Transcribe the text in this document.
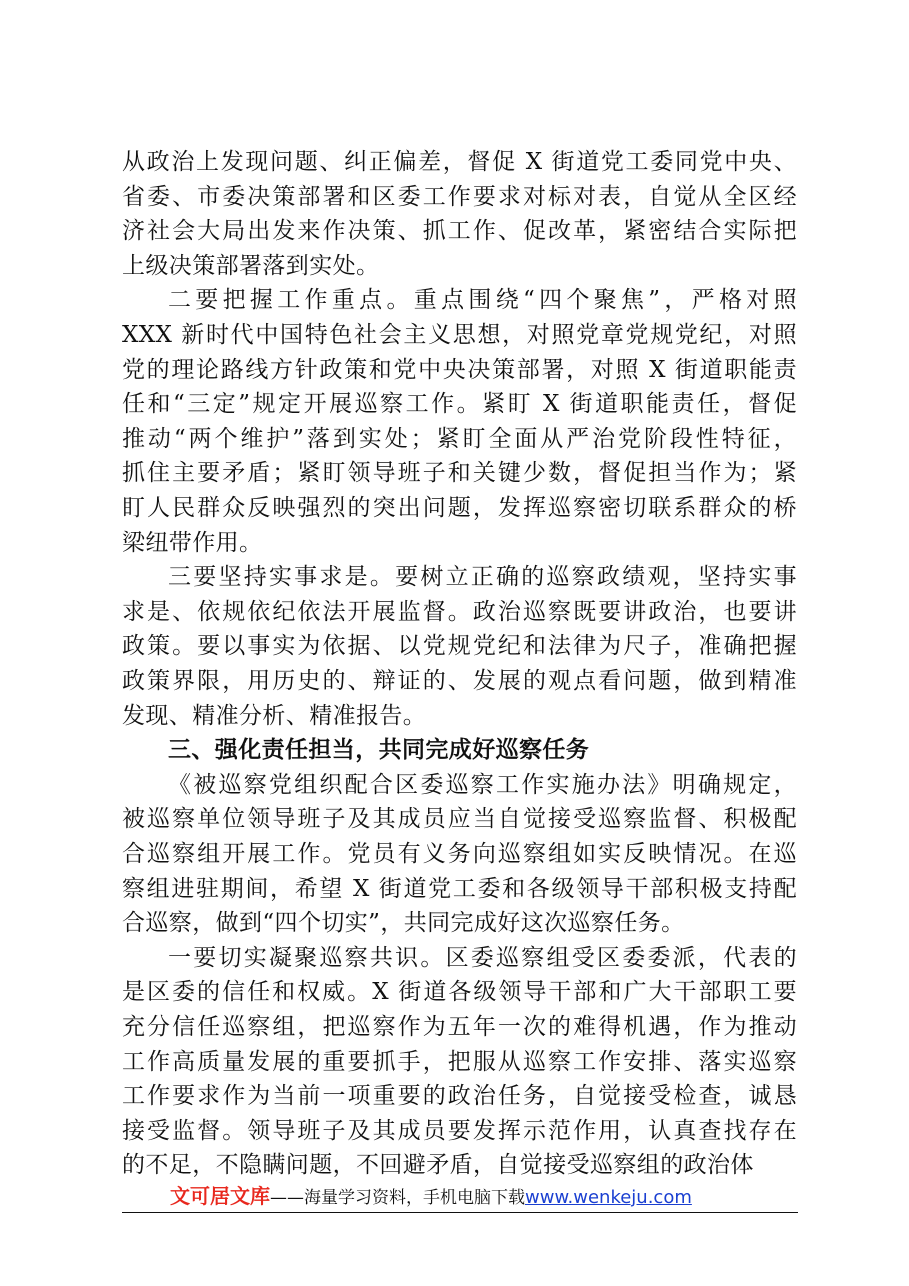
文可居文库——海量学习资料，手机电脑下载www.wenkeju.com
从政治上发现问题、纠正偏差，督促 X 街道党工委同党中央、
省委、市委决策部署和区委工作要求对标对表，自觉从全区经
济社会大局出发来作决策、抓工作、促改革，紧密结合实际把
上级决策部署落到实处。
二要把握工作重点。重点围绕“四个聚焦”，严格对照
XXX 新时代中国特色社会主义思想，对照党章党规党纪，对照
党的理论路线方针政策和党中央决策部署，对照 X 街道职能责
任和“三定”规定开展巡察工作。紧盯 X 街道职能责任，督促
推动“两个维护”落到实处；紧盯全面从严治党阶段性特征，
抓住主要矛盾；紧盯领导班子和关键少数，督促担当作为；紧
盯人民群众反映强烈的突出问题，发挥巡察密切联系群众的桥
梁纽带作用。
三要坚持实事求是。要树立正确的巡察政绩观，坚持实事
求是、依规依纪依法开展监督。政治巡察既要讲政治，也要讲
政策。要以事实为依据、以党规党纪和法律为尺子，准确把握
政策界限，用历史的、辩证的、发展的观点看问题，做到精准
发现、精准分析、精准报告。
三、强化责任担当，共同完成好巡察任务
《被巡察党组织配合区委巡察工作实施办法》明确规定，
被巡察单位领导班子及其成员应当自觉接受巡察监督、积极配
合巡察组开展工作。党员有义务向巡察组如实反映情况。在巡
察组进驻期间，希望 X 街道党工委和各级领导干部积极支持配
合巡察，做到“四个切实”，共同完成好这次巡察任务。
一要切实凝聚巡察共识。区委巡察组受区委委派，代表的
是区委的信任和权威。X 街道各级领导干部和广大干部职工要
充分信任巡察组，把巡察作为五年一次的难得机遇，作为推动
工作高质量发展的重要抓手，把服从巡察工作安排、落实巡察
工作要求作为当前一项重要的政治任务，自觉接受检查，诚恳
接受监督。领导班子及其成员要发挥示范作用，认真查找存在
的不足，不隐瞒问题，不回避矛盾，自觉接受巡察组的政治体
